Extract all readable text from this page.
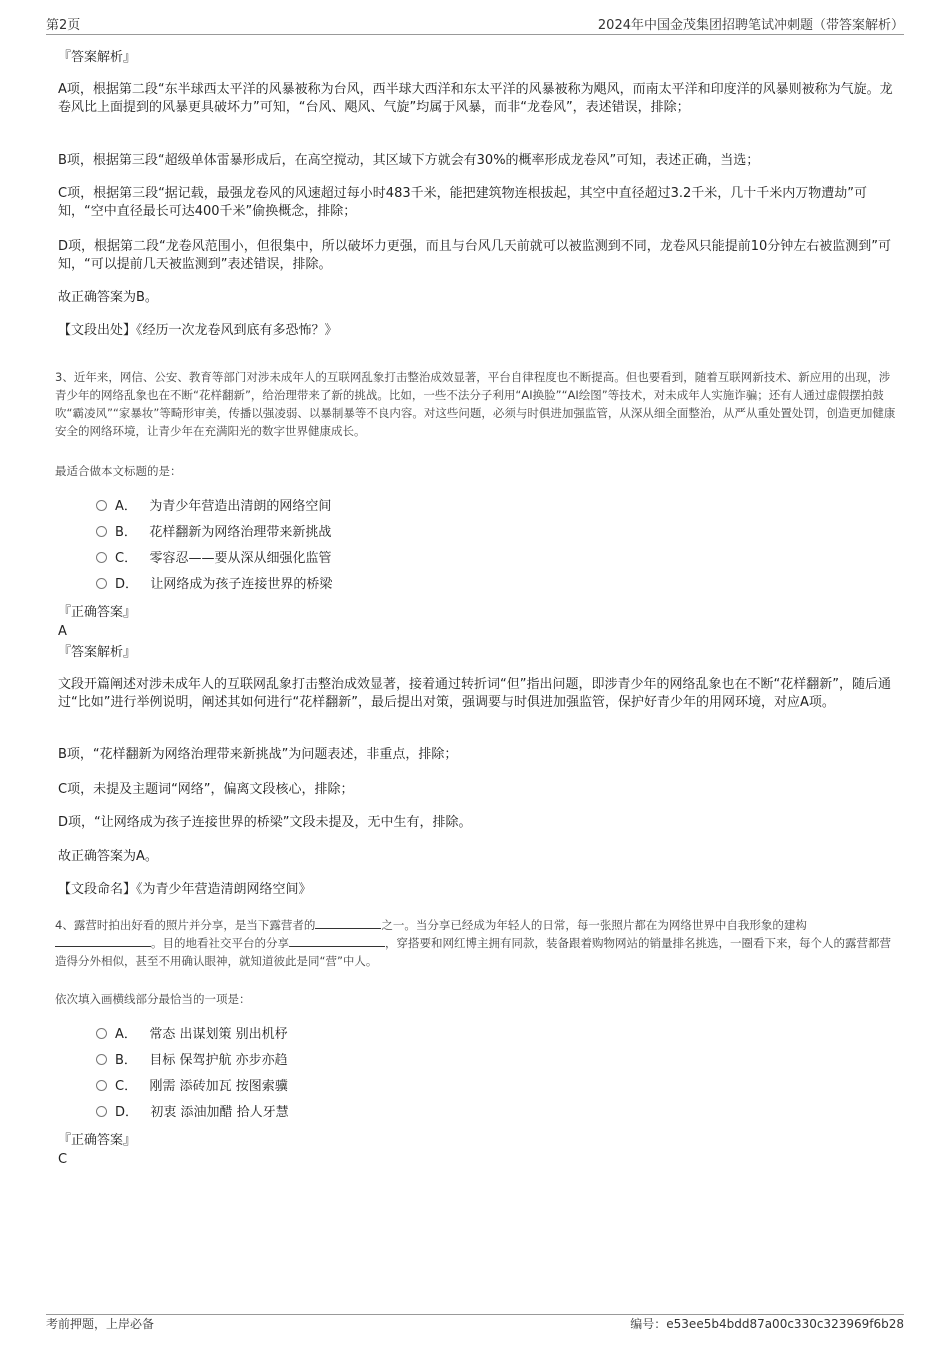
第2页	2024年中国金茂集团招聘笔试冲刺题（带答案解析）
『答案解析』
A项，根据第二段“东半球西太平洋的风暴被称为台风，西半球大西洋和东太平洋的风暴被称为飓风，而南太平洋和印度洋的风暴则被称为气旋。龙卷风比上面提到的风暴更具破坏力”可知，“台风、飓风、气旋”均属于风暴，而非“龙卷风”，表述错误，排除；
B项，根据第三段“超级单体雷暴形成后，在高空搅动，其区域下方就会有30%的概率形成龙卷风”可知，表述正确，当选；
C项，根据第三段“据记载，最强龙卷风的风速超过每小时483千米，能把建筑物连根拔起，其空中直径超过3.2千米，几十千米内万物遭劫”可知，“空中直径最长可达400千米”偷换概念，排除；
D项，根据第二段“龙卷风范围小，但很集中，所以破坏力更强，而且与台风几天前就可以被监测到不同，龙卷风只能提前10分钟左右被监测到”可知，“可以提前几天被监测到”表述错误，排除。
故正确答案为B。
【文段出处】《经历一次龙卷风到底有多恐怖？》
3、近年来，网信、公安、教育等部门对涉未成年人的互联网乱象打击整治成效显著，平台自律程度也不断提高。但也要看到，随着互联网新技术、新应用的出现，涉青少年的网络乱象也在不断“花样翻新”，给治理带来了新的挑战。比如，一些不法分子利用“AI换脸”“AI绘图”等技术，对未成年人实施诈骗；还有人通过虚假摆拍鼓吹“霸凌风”“家暴妆”等畸形审美，传播以强凌弱、以暴制暴等不良内容。对这些问题，必须与时俱进加强监管，从深从细全面整治，从严从重处置处罚，创造更加健康安全的网络环境，让青少年在充满阳光的数字世界健康成长。
最适合做本文标题的是：
A． 为青少年营造出清朗的网络空间
B． 花样翻新为网络治理带来新挑战
C． 零容忍——要从深从细强化监管
D． 让网络成为孩子连接世界的桥梁
『正确答案』
A
『答案解析』
文段开篇阐述对涉未成年人的互联网乱象打击整治成效显著，接着通过转折词“但”指出问题，即涉青少年的网络乱象也在不断“花样翻新”，随后通过“比如”进行举例说明，阐述其如何进行“花样翻新”，最后提出对策，强调要与时俱进加强监管，保护好青少年的用网环境，对应A项。
B项，“花样翻新为网络治理带来新挑战”为问题表述，非重点，排除；
C项，未提及主题词“网络”，偏离文段核心，排除；
D项，“让网络成为孩子连接世界的桥梁”文段未提及，无中生有，排除。
故正确答案为A。
【文段命名】《为青少年营造清朗网络空间》
4、露营时拍出好看的照片并分享，是当下露营者的	之一。当分享已经成为年轻人的日常，每一张照片都在为网络世界中自我形象的建构。目的地看社交平台的分享	，穿搭要和网红博主拥有同款，装备跟着购物网站的销量排名挑选，一圈看下来，每个人的露营都营造得分外相似，甚至不用确认眼神，就知道彼此是同“营”中人。
依次填入画横线部分最恰当的一项是：
A． 常态 出谋划策 别出机杼
B． 目标 保驾护航 亦步亦趋
C． 刚需 添砖加瓦 按图索骥
D． 初衷 添油加醋 拾人牙慧
『正确答案』
C
考前押题，上岸必备	编号：e53ee5b4bdd87a00c330c323969f6b28
